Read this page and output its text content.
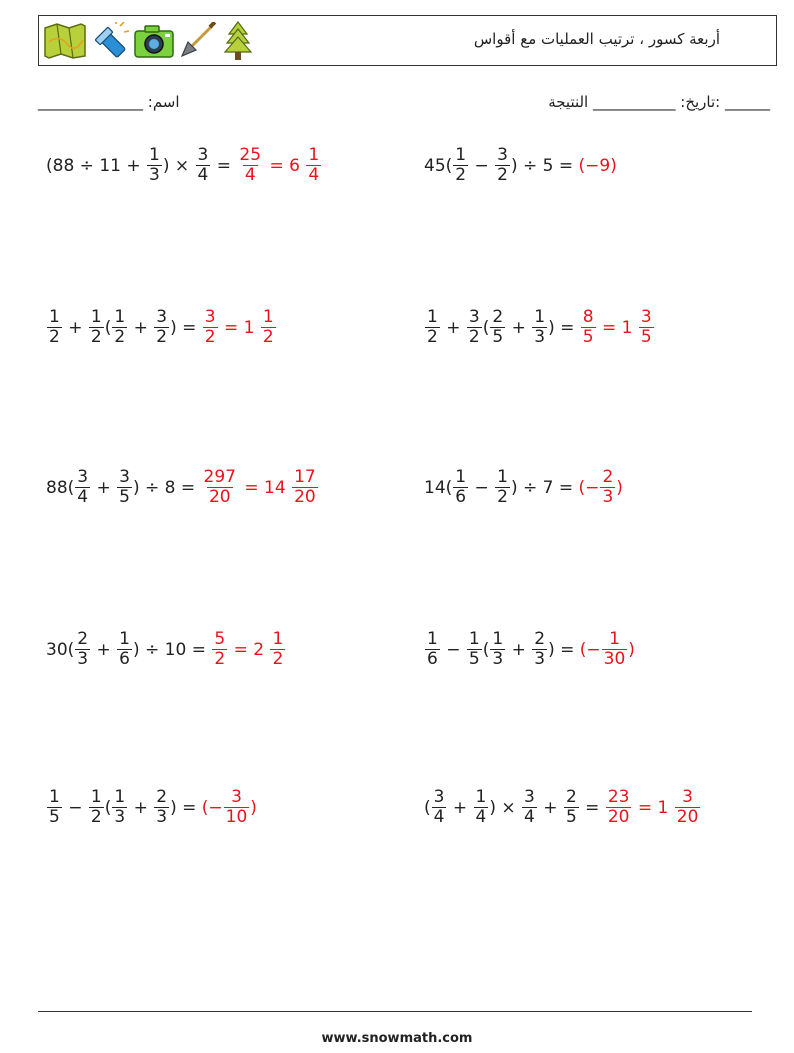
أربعة كسور ، ترتيب العمليات مع أقواس
______ :تاريخ: ___________ النتيجة
اسم: ______________
($88 \div 11 + \frac{1}{3}$ ) × $\frac{3}{4} = \frac{25}{4} = 6 \frac{1}{4}$	$45( \frac{1}{2} - \frac{3}{2}$ ) ÷ 5 = (−9)
$\frac{1}{2} + \frac{1}{2}$ ( $\frac{1}{2} + \frac{3}{2}$ ) = $\frac{3}{2} = 1 \frac{1}{2}$	$\frac{1}{2} + \frac{3}{2}$ ( $\frac{2}{5} + \frac{1}{3}$ ) = $\frac{8}{5} = 1 \frac{3}{5}$
$88( \frac{3}{4} + \frac{3}{5}$ ) ÷ $8 = \frac{297}{20} = 14 \frac{17}{20}$	$14( \frac{1}{6} - \frac{1}{2}$ ) ÷ 7 = (− $\frac{2}{3}$ )
$30( \frac{2}{3} + \frac{1}{6}$ ) ÷ $10 = \frac{5}{2} = 2 \frac{1}{2}$	$\frac{1}{6} - \frac{1}{5}$ ( $\frac{1}{3} + \frac{2}{3}$ ) = (− $\frac{1}{30}$ )
$\frac{1}{5} - \frac{1}{2}$ ( $\frac{1}{3} + \frac{2}{3}$ ) = (− $\frac{3}{10}$ )	( $\frac{3}{4} + \frac{1}{4}$ ) × $\frac{3}{4} + \frac{2}{5} = \frac{23}{20} = 1 \frac{3}{20}$
www.snowmath.com
